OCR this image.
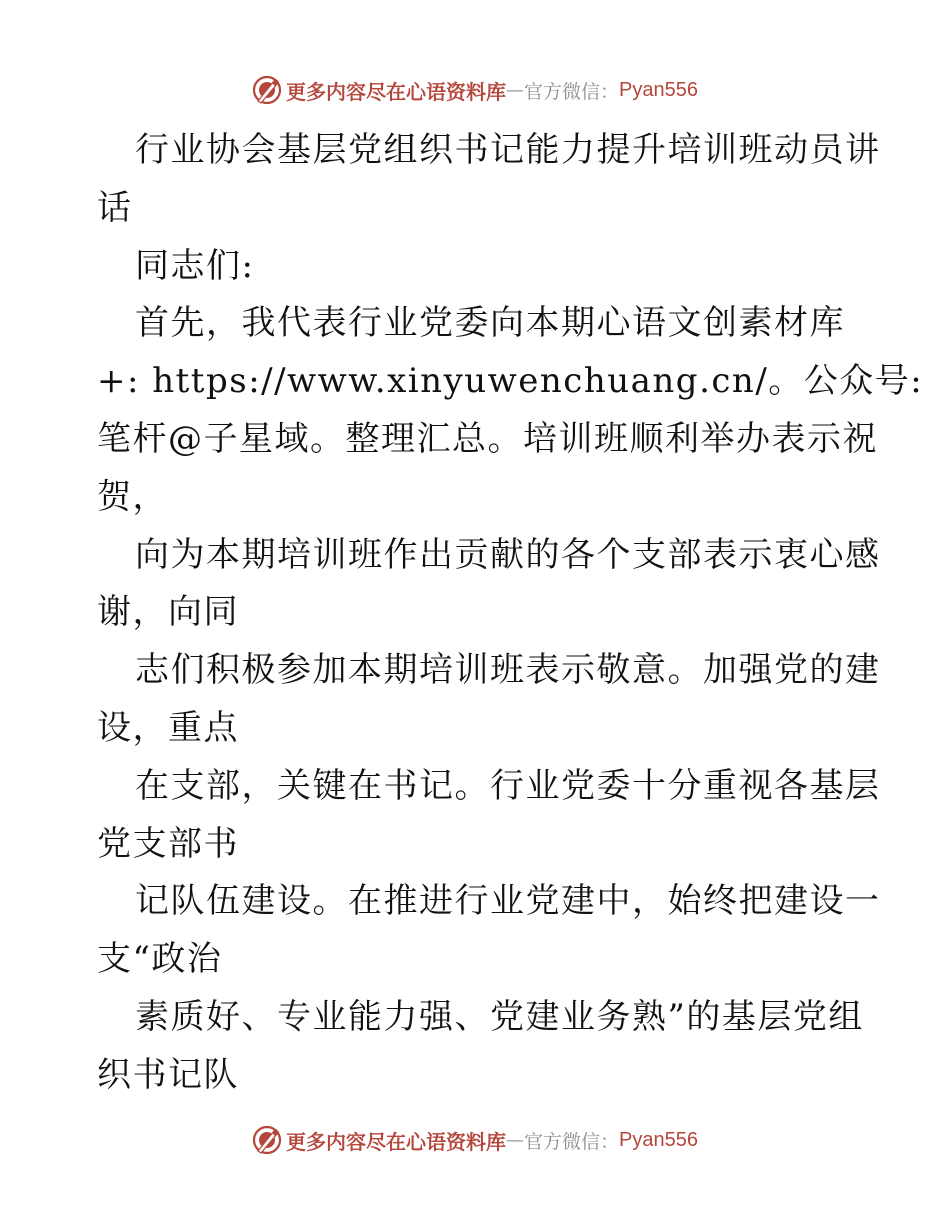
更多内容尽在心语资料库 — 官方微信： Pyan556
行业协会基层党组织书记能力提升培训班动员讲
话
同志们:
首先，我代表行业党委向本期心语文创素材库
+: https://www.xinyuwenchuang.cn/。公众号:
笔杆@子星域。整理汇总。培训班顺利举办表示祝
贺，
向为本期培训班作出贡献的各个支部表示衷心感
谢，向同
志们积极参加本期培训班表示敬意。加强党的建
设，重点
在支部，关键在书记。行业党委十分重视各基层
党支部书
记队伍建设。在推进行业党建中，始终把建设一
支“政治
素质好、专业能力强、党建业务熟”的基层党组
织书记队
更多内容尽在心语资料库 — 官方微信： Pyan556
